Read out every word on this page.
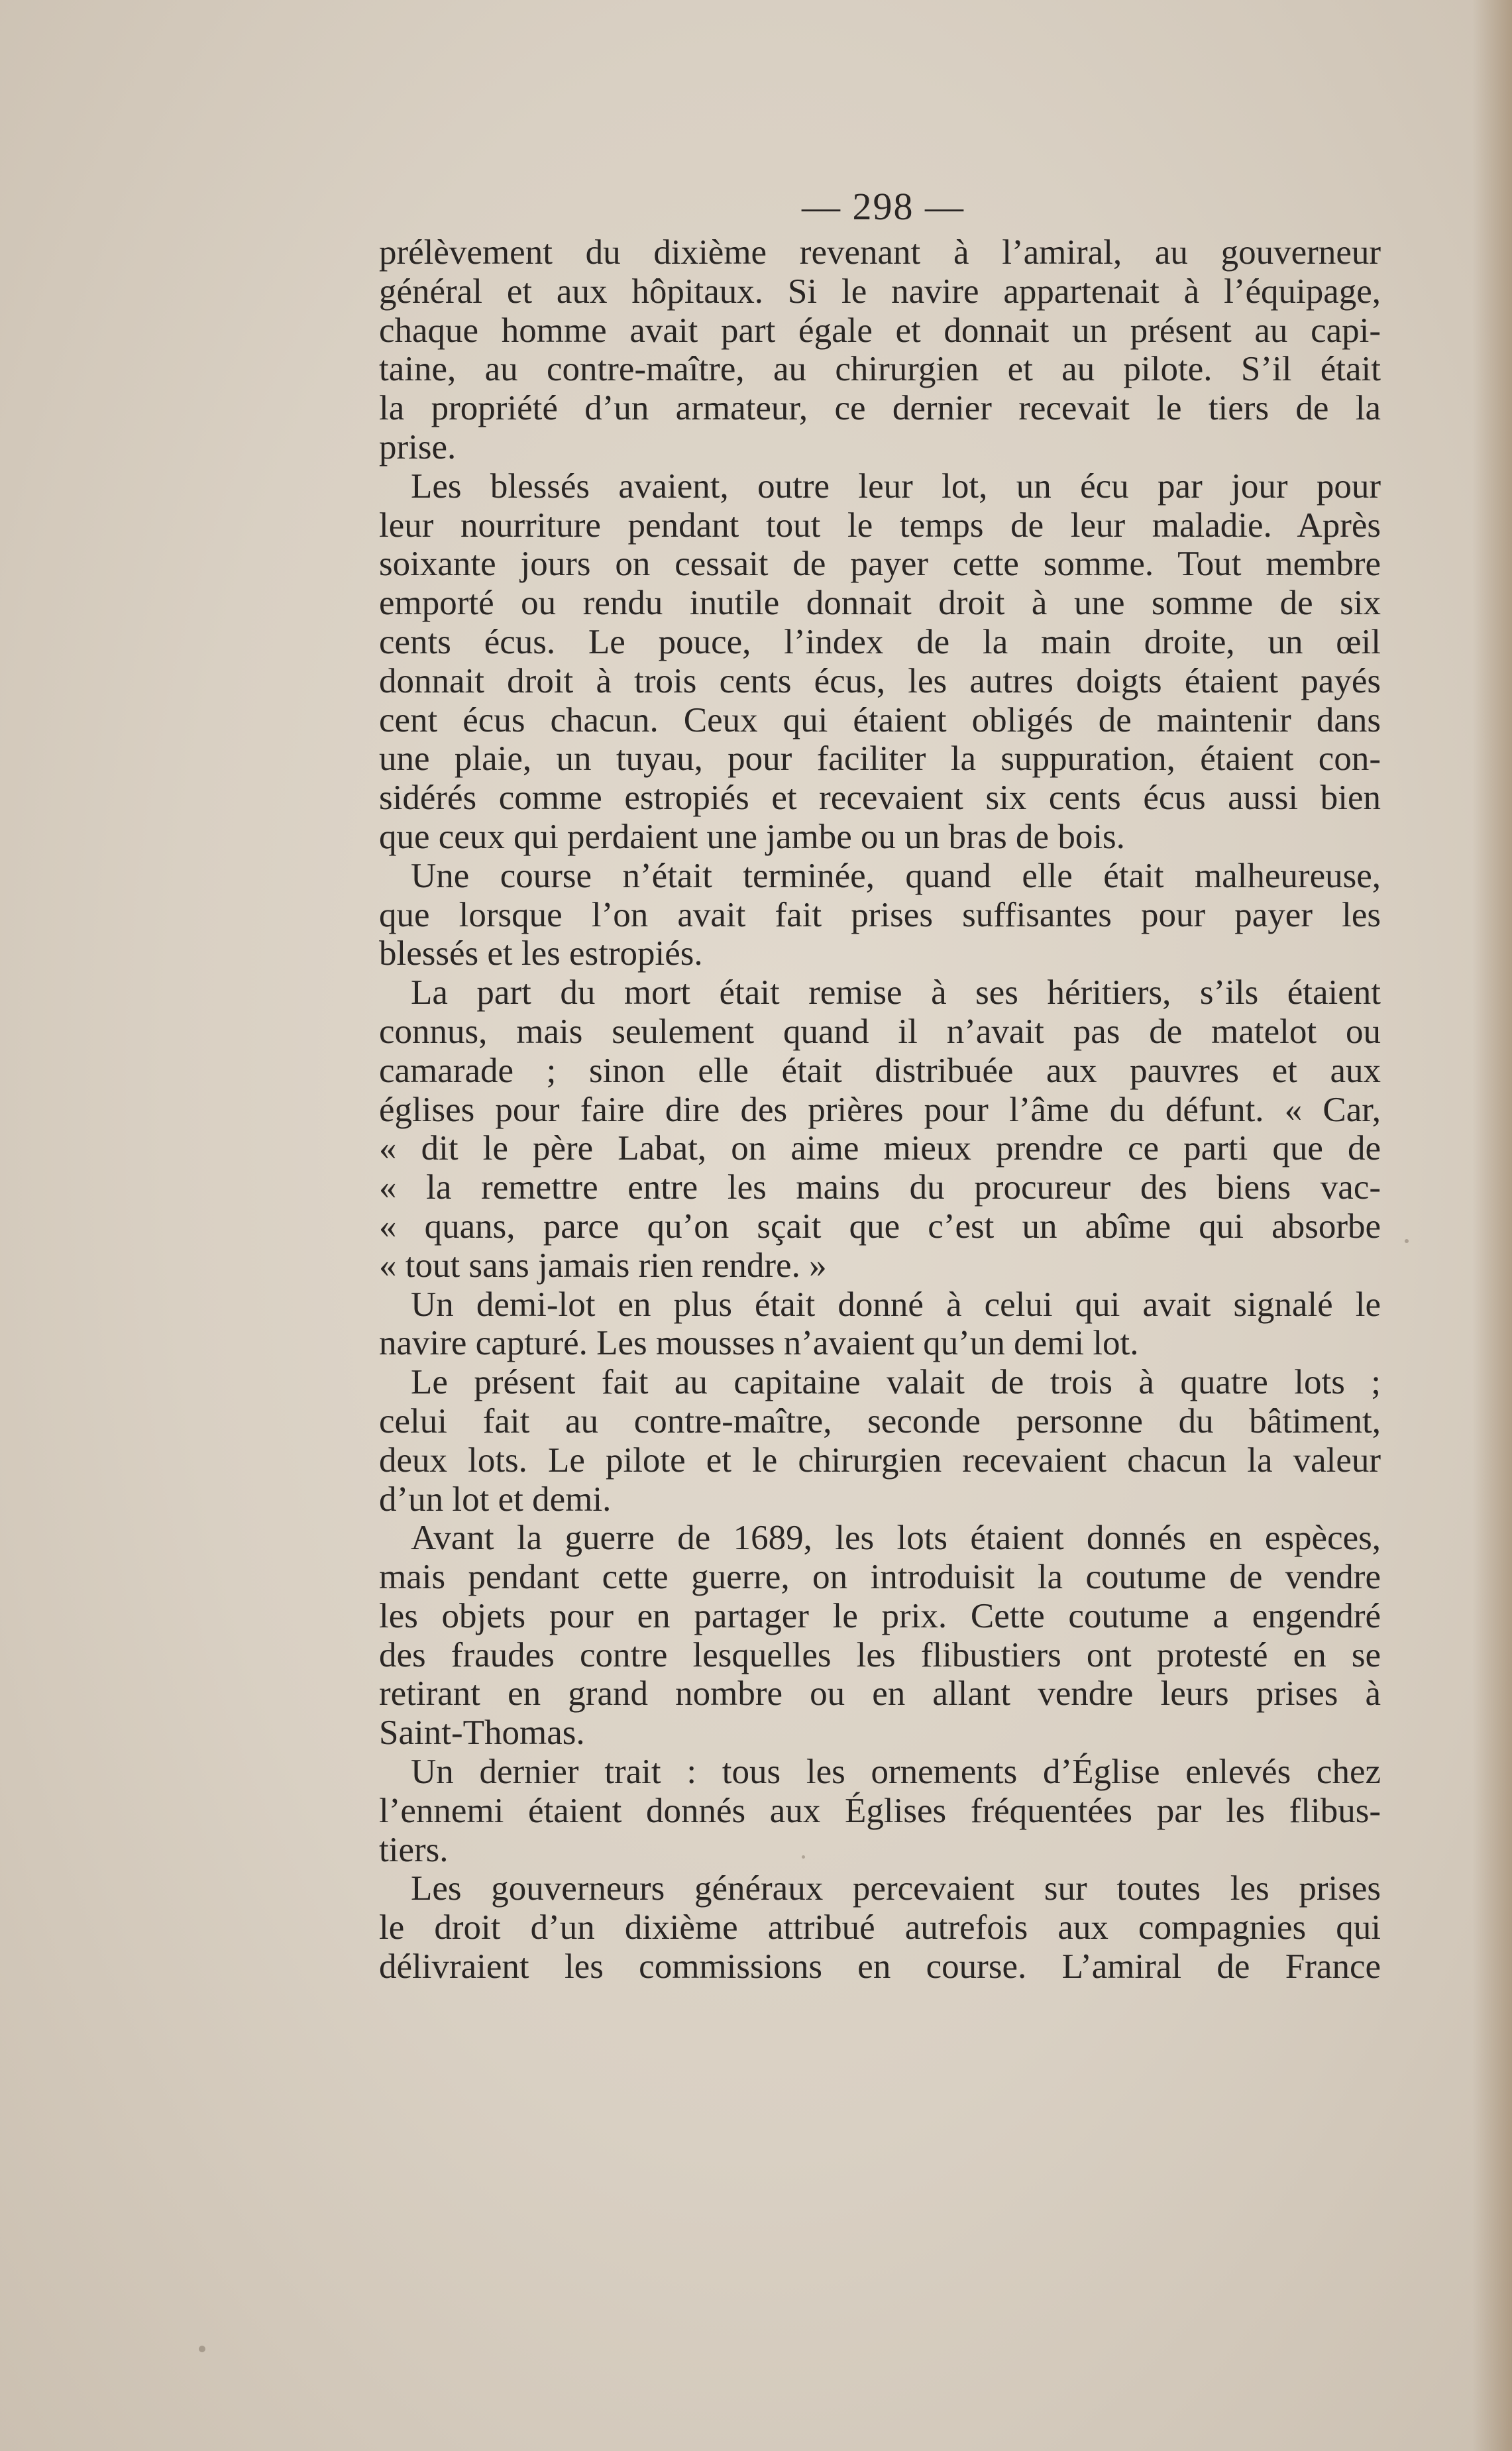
— 298 —
prélèvement du dixième revenant à l’amiral, au gouverneur
général et aux hôpitaux. Si le navire appartenait à l’équipage,
chaque homme avait part égale et donnait un présent au capi-
taine, au contre-maître, au chirurgien et au pilote. S’il était
la propriété d’un armateur, ce dernier recevait le tiers de la
prise.
Les blessés avaient, outre leur lot, un écu par jour pour
leur nourriture pendant tout le temps de leur maladie. Après
soixante jours on cessait de payer cette somme. Tout membre
emporté ou rendu inutile donnait droit à une somme de six
cents écus. Le pouce, l’index de la main droite, un œil
donnait droit à trois cents écus, les autres doigts étaient payés
cent écus chacun. Ceux qui étaient obligés de maintenir dans
une plaie, un tuyau, pour faciliter la suppuration, étaient con-
sidérés comme estropiés et recevaient six cents écus aussi bien
que ceux qui perdaient une jambe ou un bras de bois.
Une course n’était terminée, quand elle était malheureuse,
que lorsque l’on avait fait prises suffisantes pour payer les
blessés et les estropiés.
La part du mort était remise à ses héritiers, s’ils étaient
connus, mais seulement quand il n’avait pas de matelot ou
camarade ; sinon elle était distribuée aux pauvres et aux
églises pour faire dire des prières pour l’âme du défunt. « Car,
« dit le père Labat, on aime mieux prendre ce parti que de
« la remettre entre les mains du procureur des biens vac-
« quans, parce qu’on sçait que c’est un abîme qui absorbe
« tout sans jamais rien rendre. »
Un demi-lot en plus était donné à celui qui avait signalé le
navire capturé. Les mousses n’avaient qu’un demi lot.
Le présent fait au capitaine valait de trois à quatre lots ;
celui fait au contre-maître, seconde personne du bâtiment,
deux lots. Le pilote et le chirurgien recevaient chacun la valeur
d’un lot et demi.
Avant la guerre de 1689, les lots étaient donnés en espèces,
mais pendant cette guerre, on introduisit la coutume de vendre
les objets pour en partager le prix. Cette coutume a engendré
des fraudes contre lesquelles les flibustiers ont protesté en se
retirant en grand nombre ou en allant vendre leurs prises à
Saint-Thomas.
Un dernier trait : tous les ornements d’Église enlevés chez
l’ennemi étaient donnés aux Églises fréquentées par les flibus-
tiers.
Les gouverneurs généraux percevaient sur toutes les prises
le droit d’un dixième attribué autrefois aux compagnies qui
délivraient les commissions en course. L’amiral de France
